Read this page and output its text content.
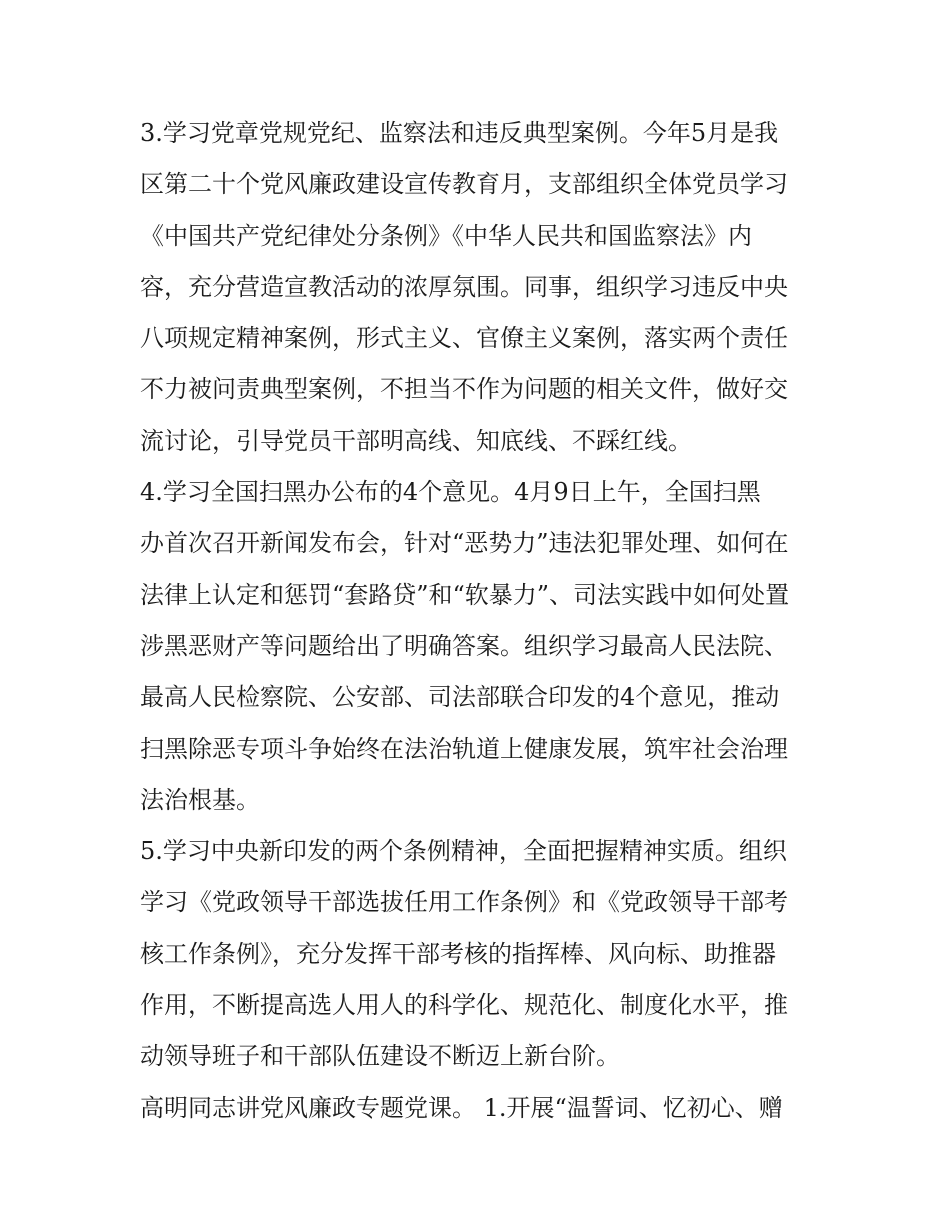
3.学习党章党规党纪、监察法和违反典型案例。今年5月是我
区第二十个党风廉政建设宣传教育月，支部组织全体党员学习
《中国共产党纪律处分条例》《中华人民共和国监察法》内
容，充分营造宣教活动的浓厚氛围。同事，组织学习违反中央
八项规定精神案例，形式主义、官僚主义案例，落实两个责任
不力被问责典型案例，不担当不作为问题的相关文件，做好交
流讨论，引导党员干部明高线、知底线、不踩红线。
4.学习全国扫黑办公布的4个意见。4月9日上午，全国扫黑
办首次召开新闻发布会，针对“恶势力”违法犯罪处理、如何在
法律上认定和惩罚“套路贷”和“软暴力”、司法实践中如何处置
涉黑恶财产等问题给出了明确答案。组织学习最高人民法院、
最高人民检察院、公安部、司法部联合印发的4个意见，推动
扫黑除恶专项斗争始终在法治轨道上健康发展，筑牢社会治理
法治根基。
5.学习中央新印发的两个条例精神，全面把握精神实质。组织
学习《党政领导干部选拔任用工作条例》和《党政领导干部考
核工作条例》，充分发挥干部考核的指挥棒、风向标、助推器
作用，不断提高选人用人的科学化、规范化、制度化水平，推
动领导班子和干部队伍建设不断迈上新台阶。
高明同志讲党风廉政专题党课。 1.开展“温誓词、忆初心、赠
